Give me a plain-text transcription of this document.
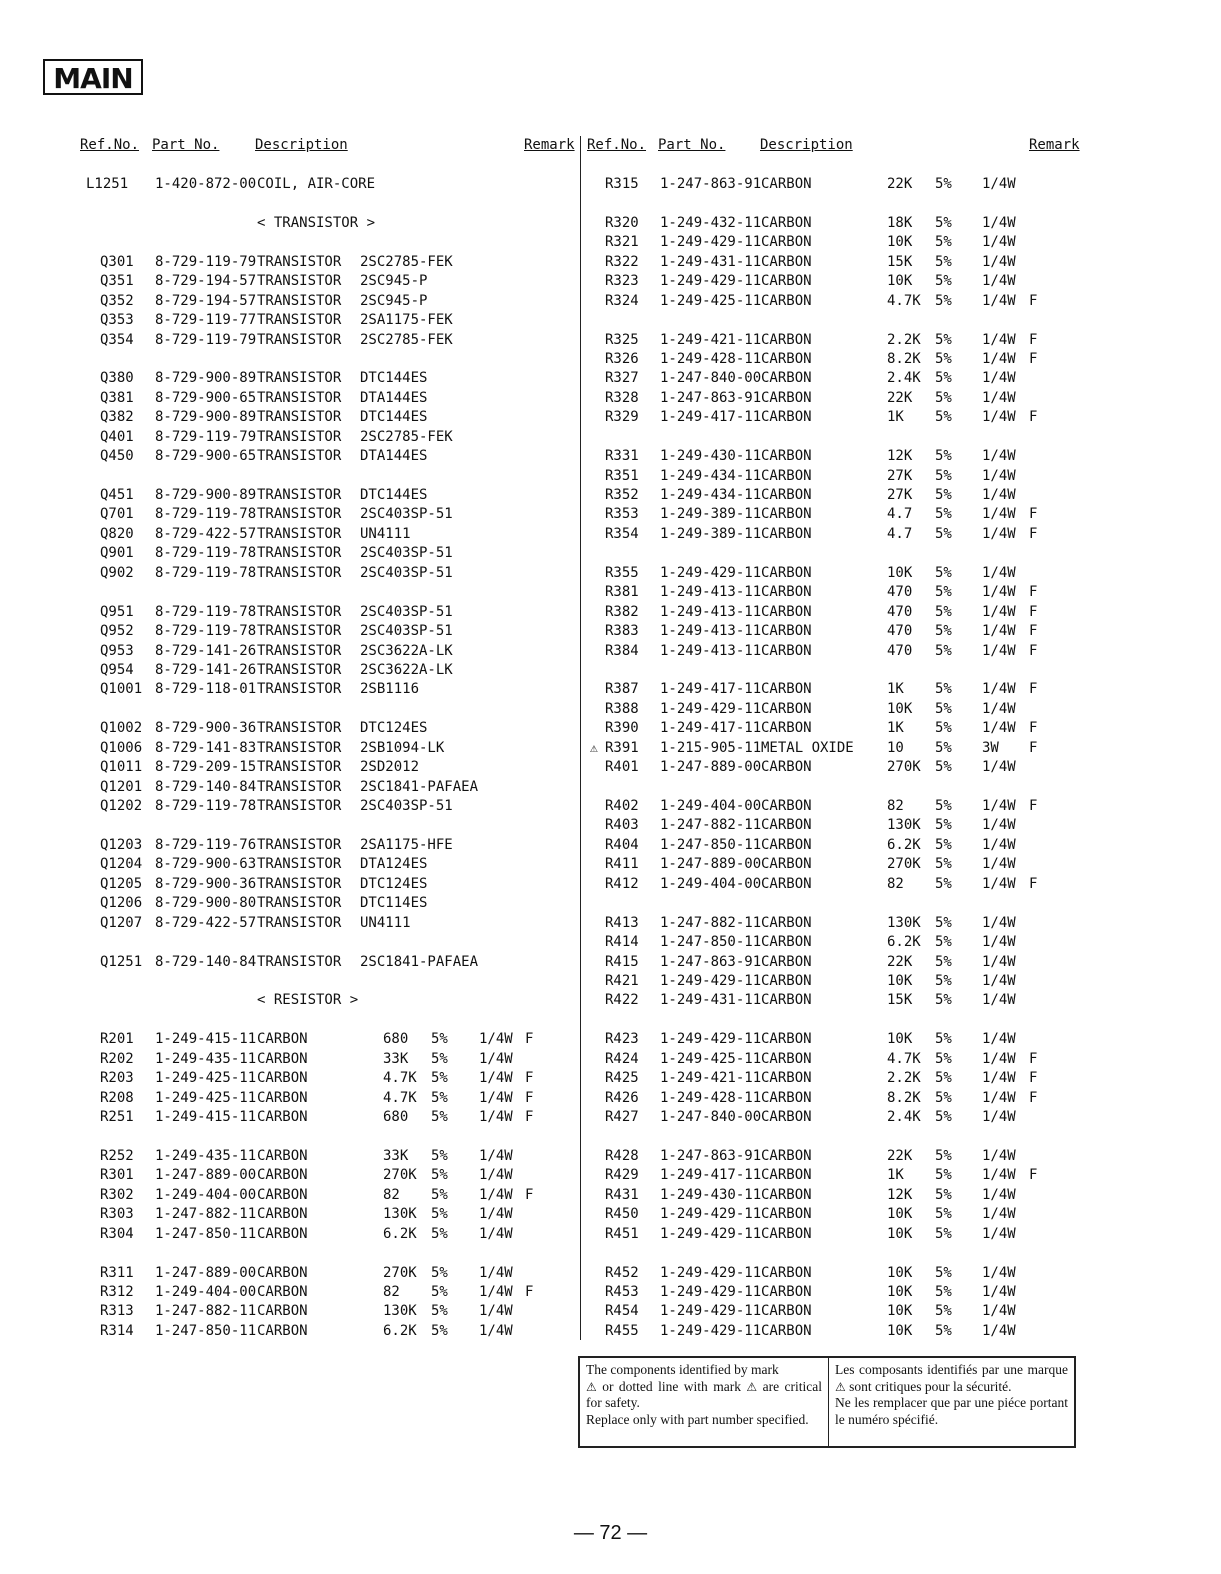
MAIN
Ref.No. Part No.	Description	Remark Ref.No. Part No. Description	Remark
L1251 1-420-872-00 COIL, AIR-CORE
< TRANSISTOR >
Q301 8-729-119-79 TRANSISTOR 2SC2785-FEK
Q351 8-729-194-57 TRANSISTOR 2SC945-P
Q352 8-729-194-57 TRANSISTOR 2SC945-P
Q353 8-729-119-77 TRANSISTOR 2SA1175-FEK
Q354 8-729-119-79 TRANSISTOR 2SC2785-FEK
Q380 8-729-900-89 TRANSISTOR DTC144ES
Q381 8-729-900-65 TRANSISTOR DTA144ES
Q382 8-729-900-89 TRANSISTOR DTC144ES
Q401 8-729-119-79 TRANSISTOR 2SC2785-FEK
Q450 8-729-900-65 TRANSISTOR DTA144ES
Q451 8-729-900-89 TRANSISTOR DTC144ES
Q701 8-729-119-78 TRANSISTOR 2SC403SP-51
Q820 8-729-422-57 TRANSISTOR UN4111
Q901 8-729-119-78 TRANSISTOR 2SC403SP-51
Q902 8-729-119-78 TRANSISTOR 2SC403SP-51
Q951 8-729-119-78 TRANSISTOR 2SC403SP-51
Q952 8-729-119-78 TRANSISTOR 2SC403SP-51
Q953 8-729-141-26 TRANSISTOR 2SC3622A-LK
Q954 8-729-141-26 TRANSISTOR 2SC3622A-LK
Q1001 8-729-118-01 TRANSISTOR 2SB1116
Q1002 8-729-900-36 TRANSISTOR DTC124ES
Q1006 8-729-141-83 TRANSISTOR 2SB1094-LK
Q1011 8-729-209-15 TRANSISTOR 2SD2012
Q1201 8-729-140-84 TRANSISTOR 2SC1841-PAFAEA
Q1202 8-729-119-78 TRANSISTOR 2SC403SP-51
Q1203 8-729-119-76 TRANSISTOR 2SA1175-HFE
Q1204 8-729-900-63 TRANSISTOR DTA124ES
Q1205 8-729-900-36 TRANSISTOR DTC124ES
Q1206 8-729-900-80 TRANSISTOR DTC114ES
Q1207 8-729-422-57 TRANSISTOR UN4111
Q1251 8-729-140-84 TRANSISTOR 2SC1841-PAFAEA
< RESISTOR >
R201 1-249-415-11 CARBON	680 5% 1/4W F
R202 1-249-435-11 CARBON	33K 5% 1/4W
R203 1-249-425-11 CARBON	4.7K 5% 1/4W F
R208 1-249-425-11 CARBON	4.7K 5% 1/4W F
R251 1-249-415-11 CARBON	680 5% 1/4W F
R252 1-249-435-11 CARBON	33K 5% 1/4W
R301 1-247-889-00 CARBON	270K 5% 1/4W
R302 1-249-404-00 CARBON	82 5% 1/4W F
R303 1-247-882-11 CARBON	130K 5% 1/4W
R304 1-247-850-11 CARBON	6.2K 5% 1/4W
R311 1-247-889-00 CARBON	270K 5% 1/4W
R312 1-249-404-00 CARBON	82 5% 1/4W F
R313 1-247-882-11 CARBON	130K 5% 1/4W
R314 1-247-850-11 CARBON	6.2K 5% 1/4W
R315 1-247-863-91 CARBON	22K 5% 1/4W
R320 1-249-432-11 CARBON	18K 5% 1/4W
R321 1-249-429-11 CARBON	10K 5% 1/4W
R322 1-249-431-11 CARBON	15K 5% 1/4W
R323 1-249-429-11 CARBON	10K 5% 1/4W
R324 1-249-425-11 CARBON	4.7K 5% 1/4W F
R325 1-249-421-11 CARBON	2.2K 5% 1/4W F
R326 1-249-428-11 CARBON	8.2K 5% 1/4W F
R327 1-247-840-00 CARBON	2.4K 5% 1/4W
R328 1-247-863-91 CARBON	22K 5% 1/4W
R329 1-249-417-11 CARBON	1K 5% 1/4W F
R331 1-249-430-11 CARBON	12K 5% 1/4W
R351 1-249-434-11 CARBON	27K 5% 1/4W
R352 1-249-434-11 CARBON	27K 5% 1/4W
R353 1-249-389-11 CARBON	4.7 5% 1/4W F
R354 1-249-389-11 CARBON	4.7 5% 1/4W F
R355 1-249-429-11 CARBON	10K 5% 1/4W
R381 1-249-413-11 CARBON	470 5% 1/4W F
R382 1-249-413-11 CARBON	470 5% 1/4W F
R383 1-249-413-11 CARBON	470 5% 1/4W F
R384 1-249-413-11 CARBON	470 5% 1/4W F
R387 1-249-417-11 CARBON	1K 5% 1/4W F
R388 1-249-429-11 CARBON	10K 5% 1/4W
R390 1-249-417-11 CARBON	1K 5% 1/4W F
⚠ R391 1-215-905-11 METAL OXIDE 10 5% 3W F
R401 1-247-889-00 CARBON	270K 5% 1/4W
R402 1-249-404-00 CARBON	82 5% 1/4W F
R403 1-247-882-11 CARBON	130K 5% 1/4W
R404 1-247-850-11 CARBON	6.2K 5% 1/4W
R411 1-247-889-00 CARBON	270K 5% 1/4W
R412 1-249-404-00 CARBON	82 5% 1/4W F
R413 1-247-882-11 CARBON	130K 5% 1/4W
R414 1-247-850-11 CARBON	6.2K 5% 1/4W
R415 1-247-863-91 CARBON	22K 5% 1/4W
R421 1-249-429-11 CARBON	10K 5% 1/4W
R422 1-249-431-11 CARBON	15K 5% 1/4W
R423 1-249-429-11 CARBON	10K 5% 1/4W
R424 1-249-425-11 CARBON	4.7K 5% 1/4W F
R425 1-249-421-11 CARBON	2.2K 5% 1/4W F
R426 1-249-428-11 CARBON	8.2K 5% 1/4W F
R427 1-247-840-00 CARBON	2.4K 5% 1/4W
R428 1-247-863-91 CARBON	22K 5% 1/4W
R429 1-249-417-11 CARBON	1K 5% 1/4W F
R431 1-249-430-11 CARBON	12K 5% 1/4W
R450 1-249-429-11 CARBON	10K 5% 1/4W
R451 1-249-429-11 CARBON	10K 5% 1/4W
R452 1-249-429-11 CARBON	10K 5% 1/4W
R453 1-249-429-11 CARBON	10K 5% 1/4W
R454 1-249-429-11 CARBON	10K 5% 1/4W
R455 1-249-429-11 CARBON	10K 5% 1/4W
The components identified by mark
⚠ or dotted line with mark ⚠ are critical for safety.
Replace only with part number specified.
Les composants identifiés par une marque ⚠ sont critiques pour la sécurité.
Ne les remplacer que par une piéce portant le numéro spécifié.
— 72 —
